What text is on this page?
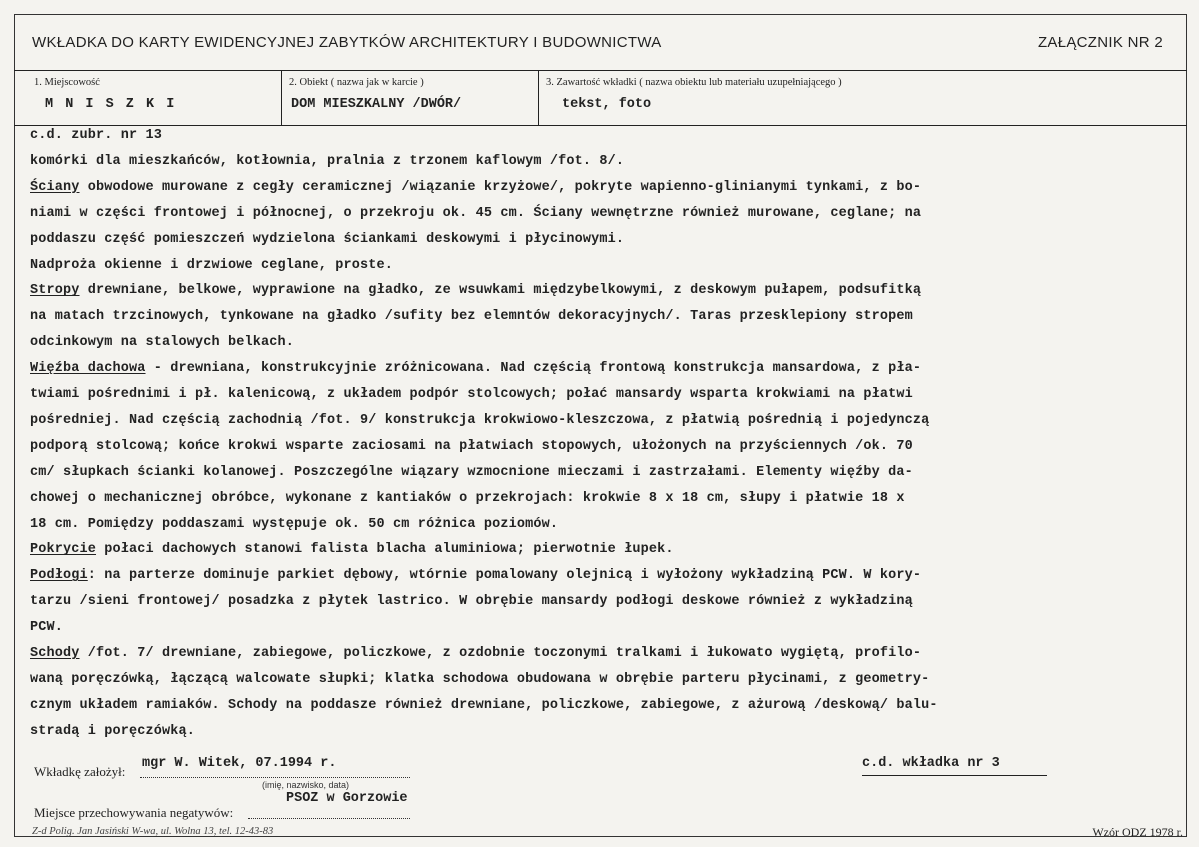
WKŁADKA DO KARTY EWIDENCYJNEJ ZABYTKÓW ARCHITEKTURY I BUDOWNICTWA	ZAŁĄCZNIK NR 2
1. Miejscowość
M N I S Z K I
2. Obiekt ( nazwa jak w karcie )
DOM MIESZKALNY /DWÓR/
3. Zawartość wkładki ( nazwa obiektu lub materiału uzupełniającego )
tekst, foto
c.d. zubr. nr 13
komórki dla mieszkańców, kotłownia, pralnia z trzonem kaflowym /fot. 8/.
Ściany obwodowe murowane z cegły ceramicznej /wiązanie krzyżowe/, pokryte wapienno-glinianymi tynkami, z bo-
niami w części frontowej i północnej, o przekroju ok. 45 cm. Ściany wewnętrzne również murowane, ceglane; na
poddaszu część pomieszczeń wydzielona ściankami deskowymi i płycinowymi.
Nadproża okienne i drzwiowe ceglane, proste.
Stropy drewniane, belkowe, wyprawione na gładko, ze wsuwkami międzybelkowymi, z deskowym pułapem, podsufitką
na matach trzcinowych, tynkowane na gładko /sufity bez elemntów dekoracyjnych/. Taras przesklepiony stropem
odcinkowym na stalowych belkach.
Więźba dachowa - drewniana, konstrukcyjnie zróżnicowana. Nad częścią frontową konstrukcja mansardowa, z pła-
twiami pośrednimi i pł. kalenicową, z układem podpór stolcowych; połać mansardy wsparta krokwiami na płatwi
pośredniej. Nad częścią zachodnią /fot. 9/ konstrukcja krokwiowo-kleszczowa, z płatwią pośrednią i pojedynczą
podporą stolcową; końce krokwi wsparte zaciosami na płatwiach stopowych, ułożonych na przyściennych /ok. 70
cm/ słupkach ścianki kolanowej. Poszczególne wiązary wzmocnione mieczami i zastrzałami. Elementy więźby da-
chowej o mechanicznej obróbce, wykonane z kantiaków o przekrojach: krokwie 8 x 18 cm, słupy i płatwie 18 x
18 cm. Pomiędzy poddaszami występuje ok. 50 cm różnica poziomów.
Pokrycie połaci dachowych stanowi falista blacha aluminiowa; pierwotnie łupek.
Podłogi: na parterze dominuje parkiet dębowy, wtórnie pomalowany olejnicą i wyłożony wykładziną PCW. W kory-
tarzu /sieni frontowej/ posadzka z płytek lastrico. W obrębie mansardy podłogi deskowe również z wykładziną
PCW.
Schody /fot. 7/ drewniane, zabiegowe, policzkowe, z ozdobnie toczonymi tralkami i łukowato wygiętą, profilo-
waną poręczówką, łączącą walcowate słupki; klatka schodowa obudowana w obrębie parteru płycinami, z geometry-
cznym układem ramiaków. Schody na poddasze również drewniane, policzkowe, zabiegowe, z ażurową /deskową/ balu-
stradą i poręczówką.
Wkładkę założył:
mgr W. Witek, 07.1994 r.
(imię, nazwisko, data)
c.d. wkładka nr 3
Miejsce przechowywania negatywów:
PSOZ w Gorzowie
Z-d Polig. Jan Jasiński W-wa, ul. Wolna 13, tel. 12-43-83	Wzór ODZ 1978 r.
